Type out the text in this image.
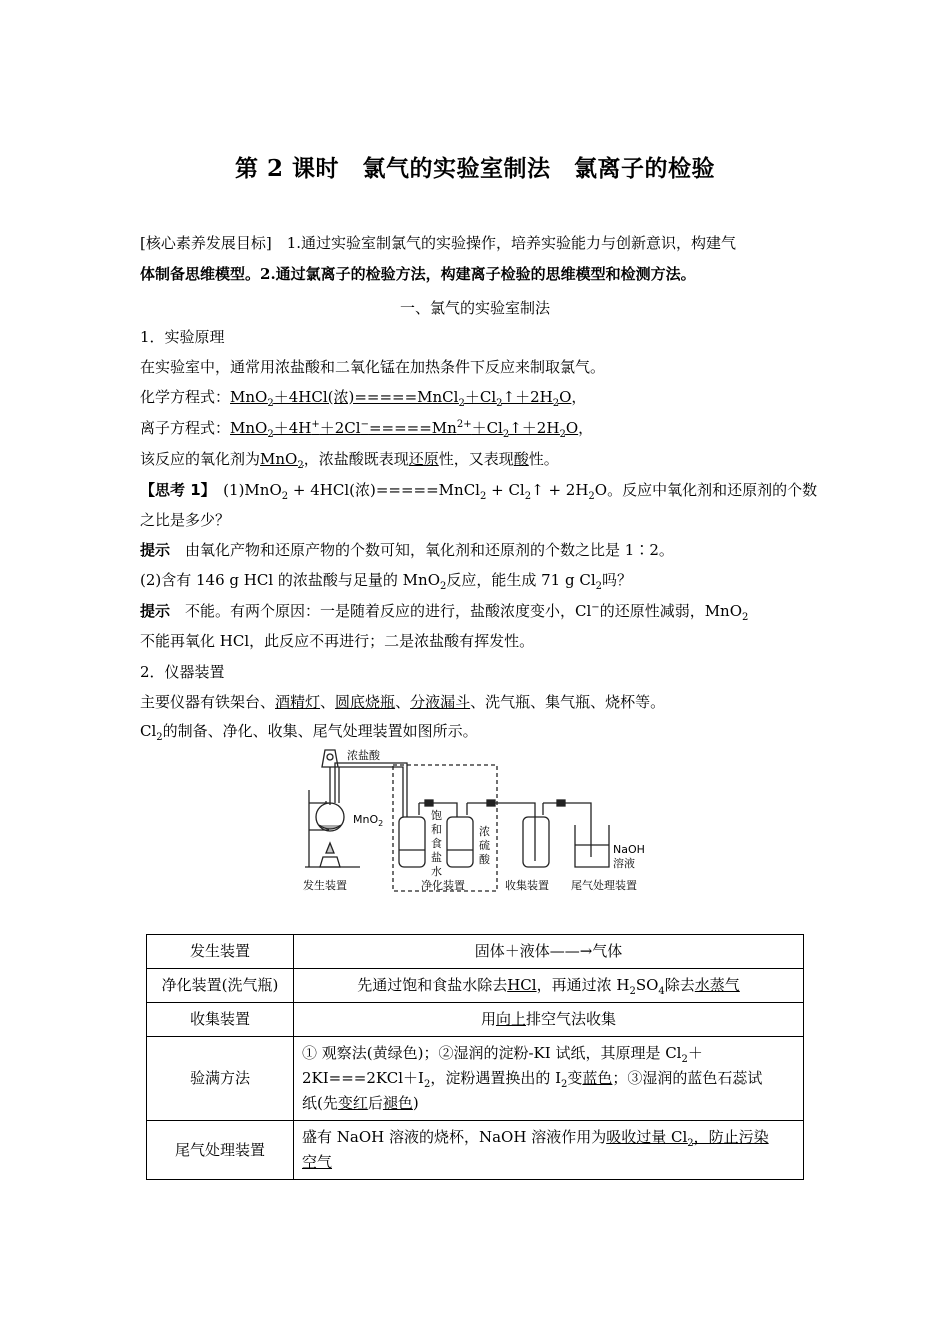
第 2 课时　氯气的实验室制法　氯离子的检验
[核心素养发展目标]　1.通过实验室制氯气的实验操作，培养实验能力与创新意识，构建气
体制备思维模型。2.通过氯离子的检验方法，构建离子检验的思维模型和检测方法。
一、氯气的实验室制法
1．实验原理
在实验室中，通常用浓盐酸和二氧化锰在加热条件下反应来制取氯气。
化学方程式：MnO$_2$＋4HCl(浓)$=====MnCl_2+Cl_2↑+2H_2O$，
离子方程式：$MnO_2+4H^++2Cl^-=====Mn^{2+}+Cl_2↑+2H_2O$，
该反应的氧化剂为MnO$_2$，浓盐酸既表现还原性，又表现酸性。
【思考 1】　(1)MnO$_2$ + 4HCl(浓)=====MnCl$_2$ + $Cl_2↑ + 2H_2O$。反应中氧化剂和还原剂的个数
之比是多少？
提示　由氧化产物和还原产物的个数可知，氧化剂和还原剂的个数之比是 1∶2。
(2)含有 146 g HCl 的浓盐酸与足量的 MnO$_2$反应，能生成 71 g $Cl_2$吗？
提示　不能。有两个原因：一是随着反应的进行，盐酸浓度变小，Cl−的还原性减弱，MnO$_2$
不能再氧化 HCl，此反应不再进行；二是浓盐酸有挥发性。
2．仪器装置
主要仪器有铁架台、酒精灯、圆底烧瓶、分液漏斗、洗气瓶、集气瓶、烧杯等。
$Cl_2$的制备、净化、收集、尾气处理装置如图所示。
浓盐酸
MnO$_2$
饱
和
食
盐
水
浓
硫
酸
NaOH
溶液
发生装置	净化装置	收集装置 尾气处理装置
发生装置	固体＋液体——→气体
净化装置(洗气瓶)	先通过饱和食盐水除去HCl，再通过浓 $H_2SO_4$除去水蒸气
收集装置	用向上排空气法收集
验满方法	① 观察法(黄绿色)；②湿润的淀粉-KI 试纸，其原理是 $Cl_2+$
$2KI===2KCl+I_2$，淀粉遇置换出的 $I_2$变蓝色；③湿润的蓝色石蕊试
纸(先变红后褪色)
尾气处理装置	盛有 NaOH 溶液的烧杯，NaOH 溶液作用为吸收过量 $Cl_2$，防止污染
空气
